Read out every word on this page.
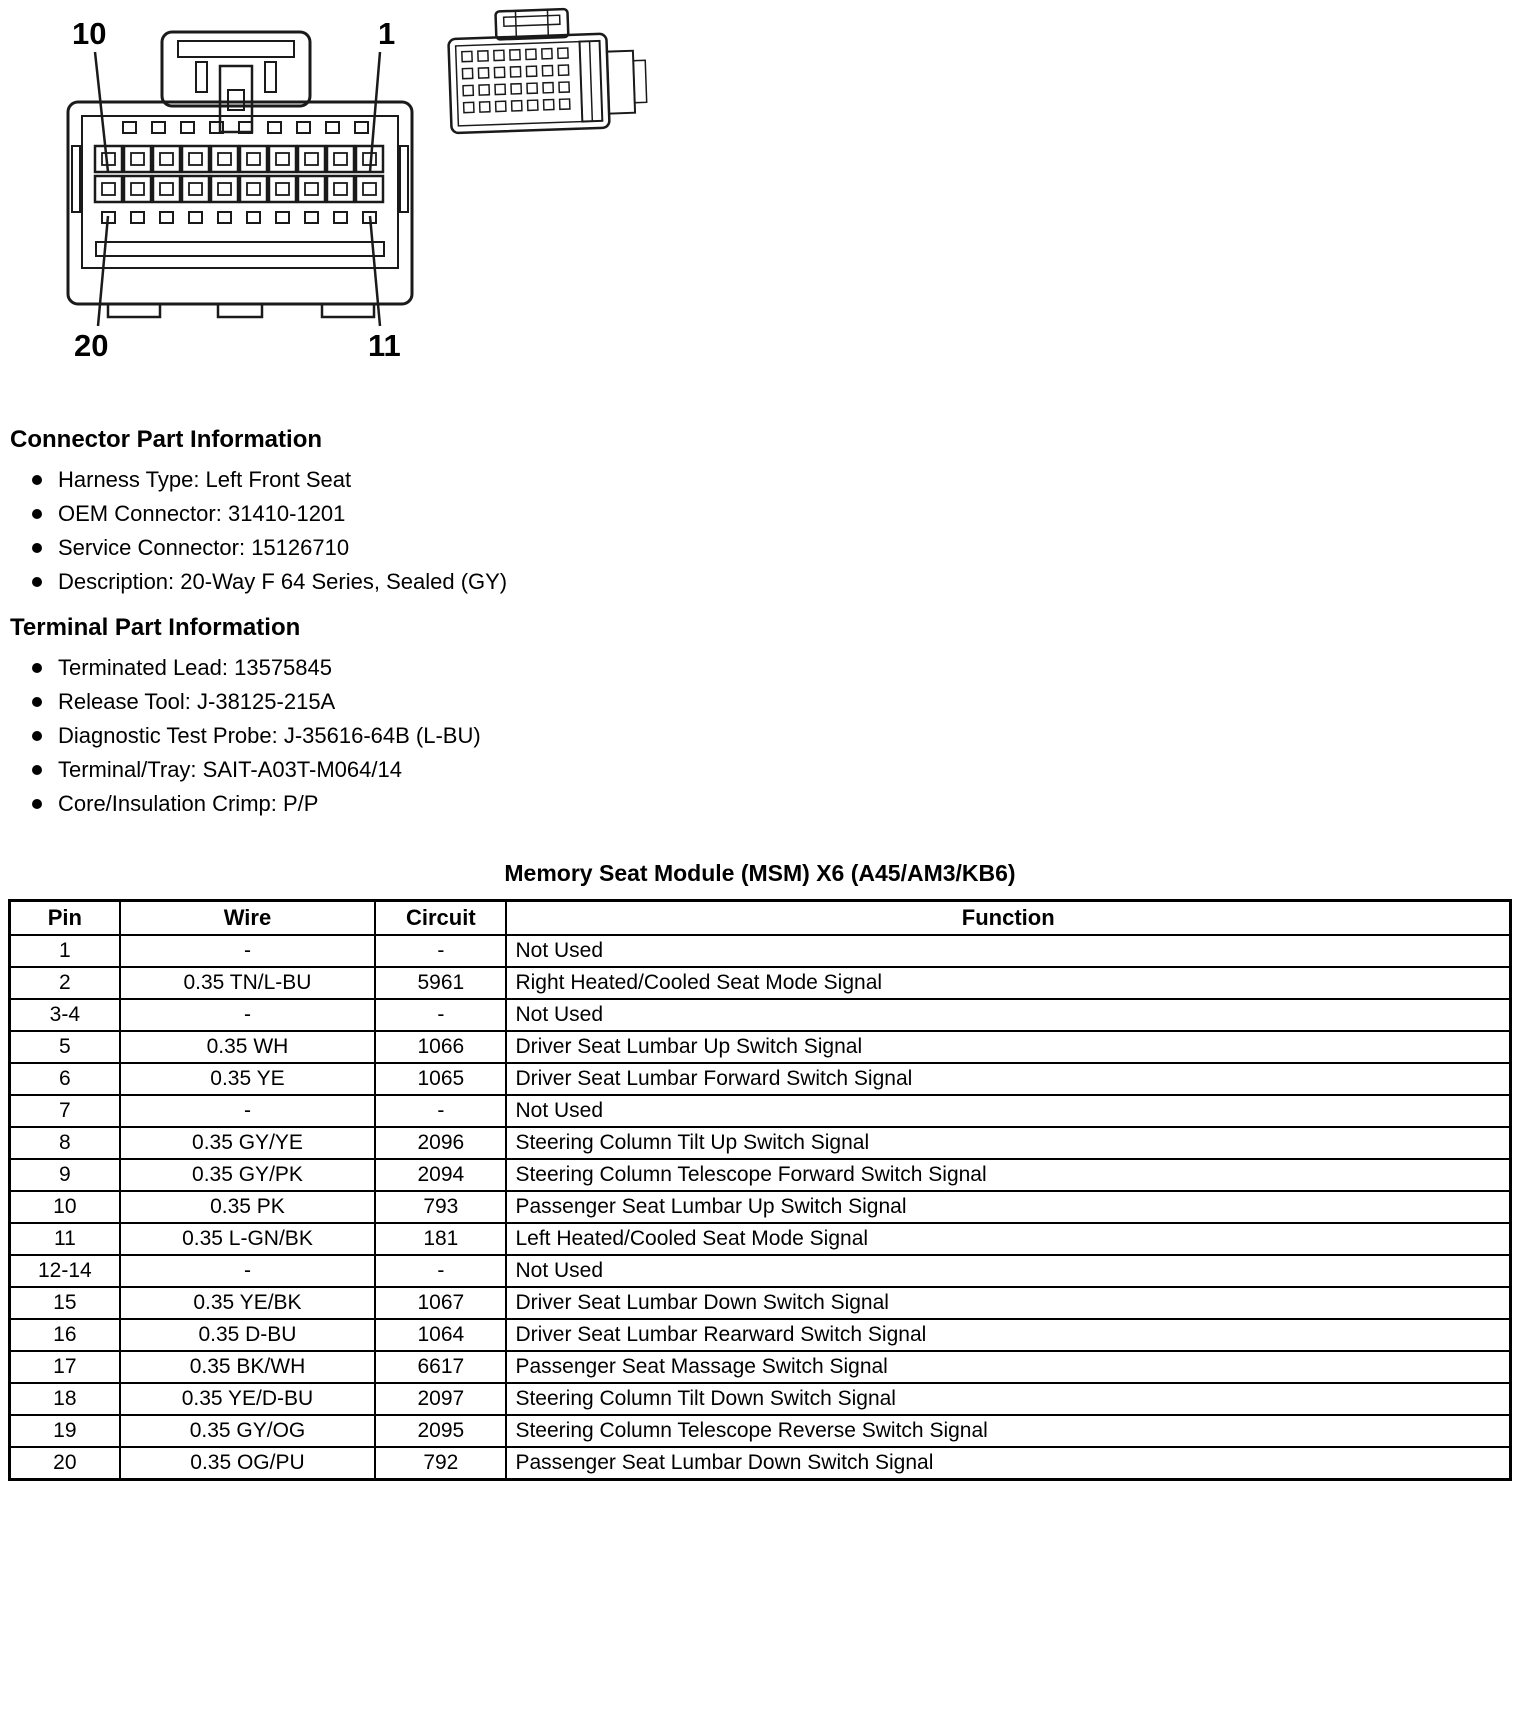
10	1
20	11
Connector Part Information
Harness Type: Left Front Seat
OEM Connector: 31410-1201
Service Connector: 15126710
Description: 20-Way F 64 Series, Sealed (GY)
Terminal Part Information
Terminated Lead: 13575845
Release Tool: J-38125-215A
Diagnostic Test Probe: J-35616-64B (L-BU)
Terminal/Tray: SAIT-A03T-M064/14
Core/Insulation Crimp: P/P
Memory Seat Module (MSM) X6 (A45/AM3/KB6)
Pin	Wire	Circuit	Function
1	-	-	Not Used
2	0.35 TN/L-BU	5961	Right Heated/Cooled Seat Mode Signal
3-4	-	-	Not Used
5	0.35 WH	1066	Driver Seat Lumbar Up Switch Signal
6	0.35 YE	1065	Driver Seat Lumbar Forward Switch Signal
7	-	-	Not Used
8	0.35 GY/YE	2096	Steering Column Tilt Up Switch Signal
9	0.35 GY/PK	2094	Steering Column Telescope Forward Switch Signal
10	0.35 PK	793	Passenger Seat Lumbar Up Switch Signal
11	0.35 L-GN/BK	181	Left Heated/Cooled Seat Mode Signal
12-14	-	-	Not Used
15	0.35 YE/BK	1067	Driver Seat Lumbar Down Switch Signal
16	0.35 D-BU	1064	Driver Seat Lumbar Rearward Switch Signal
17	0.35 BK/WH	6617	Passenger Seat Massage Switch Signal
18	0.35 YE/D-BU	2097	Steering Column Tilt Down Switch Signal
19	0.35 GY/OG	2095	Steering Column Telescope Reverse Switch Signal
20	0.35 OG/PU	792	Passenger Seat Lumbar Down Switch Signal
